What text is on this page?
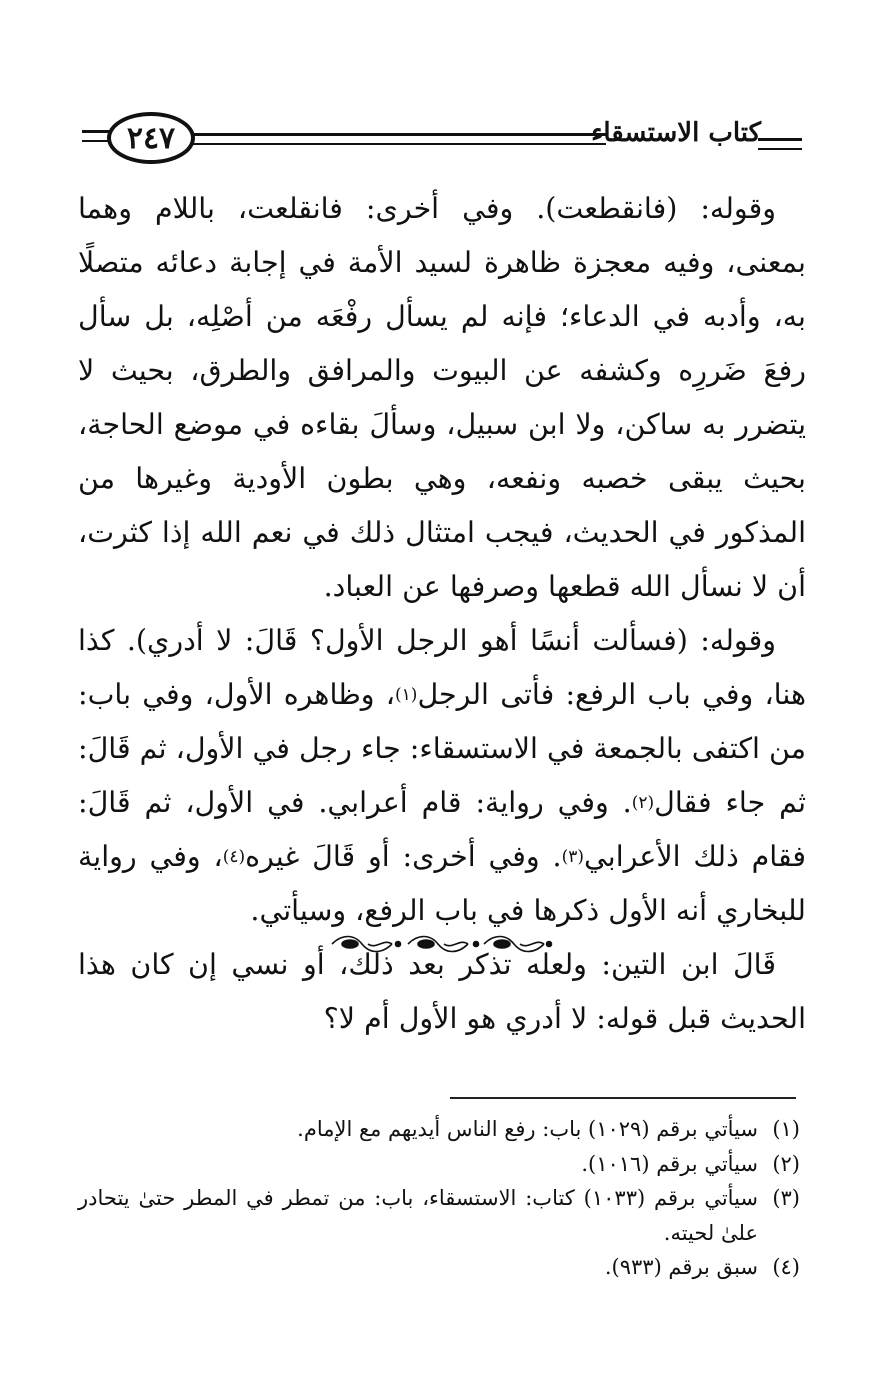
٢٤٧	كتاب الاستسقاء

وقوله: (فانقطعت). وفي أخرى: فانقلعت، باللام وهما بمعنى، وفيه معجزة ظاهرة لسيد الأمة في إجابة دعائه متصلًا به، وأدبه في الدعاء؛ فإنه لم يسأل رفْعَه من أصْلِه، بل سأل رفعَ ضَررِه وكشفه عن البيوت والمرافق والطرق، بحيث لا يتضرر به ساكن، ولا ابن سبيل، وسألَ بقاءه في موضع الحاجة، بحيث يبقى خصبه ونفعه، وهي بطون الأودية وغيرها من المذكور في الحديث، فيجب امتثال ذلك في نعم الله إذا كثرت، أن لا نسأل الله قطعها وصرفها عن العباد.

وقوله: (فسألت أنسًا أهو الرجل الأول؟ قَالَ: لا أدري). كذا هنا، وفي باب الرفع: فأتى الرجل$^{(١)}$، وظاهره الأول، وفي باب: من اكتفى بالجمعة في الاستسقاء: جاء رجل في الأول، ثم قَالَ: ثم جاء فقال$^{(٢)}$. وفي رواية: قام أعرابي. في الأول، ثم قَالَ: فقام ذلك الأعرابي$^{(٣)}$. وفي أخرى: أو قَالَ غيره$^{(٤)}$، وفي رواية للبخاري أنه الأول ذكرها في باب الرفع، وسيأتي.

قَالَ ابن التين: ولعله تذكر بعد ذلك، أو نسي إن كان هذا الحديث قبل قوله: لا أدري هو الأول أم لا؟

(١)
سيأتي برقم (١٠٢٩) باب: رفع الناس أيديهم مع الإمام.
(٢)
سيأتي برقم (١٠١٦).
(٣)
سيأتي برقم (١٠٣٣) كتاب: الاستسقاء، باب: من تمطر في المطر حتىٰ يتحادر علىٰ لحيته.
(٤)
سبق برقم (٩٣٣).
